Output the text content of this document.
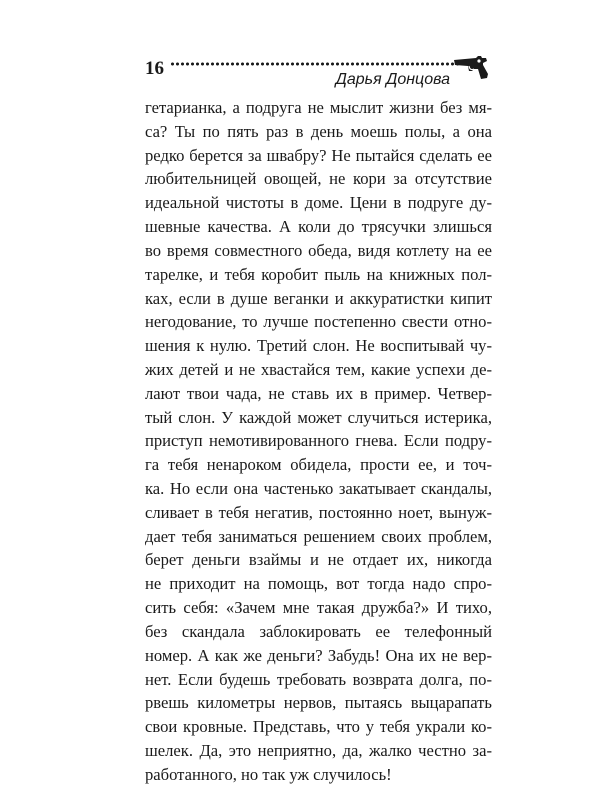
16
Дарья Донцова
гетарианка, а подруга не мыслит жизни без мя-
са? Ты по пять раз в день моешь полы, а она
редко берется за швабру? Не пытайся сделать ее
любительницей овощей, не кори за отсутствие
идеальной чистоты в доме. Цени в подруге ду-
шевные качества. А коли до трясучки злишься
во время совместного обеда, видя котлету на ее
тарелке, и тебя коробит пыль на книжных пол-
ках, если в душе веганки и аккуратистки кипит
негодование, то лучше постепенно свести отно-
шения к нулю. Третий слон. Не воспитывай чу-
жих детей и не хвастайся тем, какие успехи де-
лают твои чада, не ставь их в пример. Четвер-
тый слон. У каждой может случиться истерика,
приступ немотивированного гнева. Если подру-
га тебя ненароком обидела, прости ее, и точ-
ка. Но если она частенько закатывает скандалы,
сливает в тебя негатив, постоянно ноет, вынуж-
дает тебя заниматься решением своих проблем,
берет деньги взаймы и не отдает их, никогда
не приходит на помощь, вот тогда надо спро-
сить себя: «Зачем мне такая дружба?» И тихо,
без скандала заблокировать ее телефонный
номер. А как же деньги? Забудь! Она их не вер-
нет. Если будешь требовать возврата долга, по-
рвешь километры нервов, пытаясь выцарапать
свои кровные. Представь, что у тебя украли ко-
шелек. Да, это неприятно, да, жалко честно за-
работанного, но так уж случилось!
